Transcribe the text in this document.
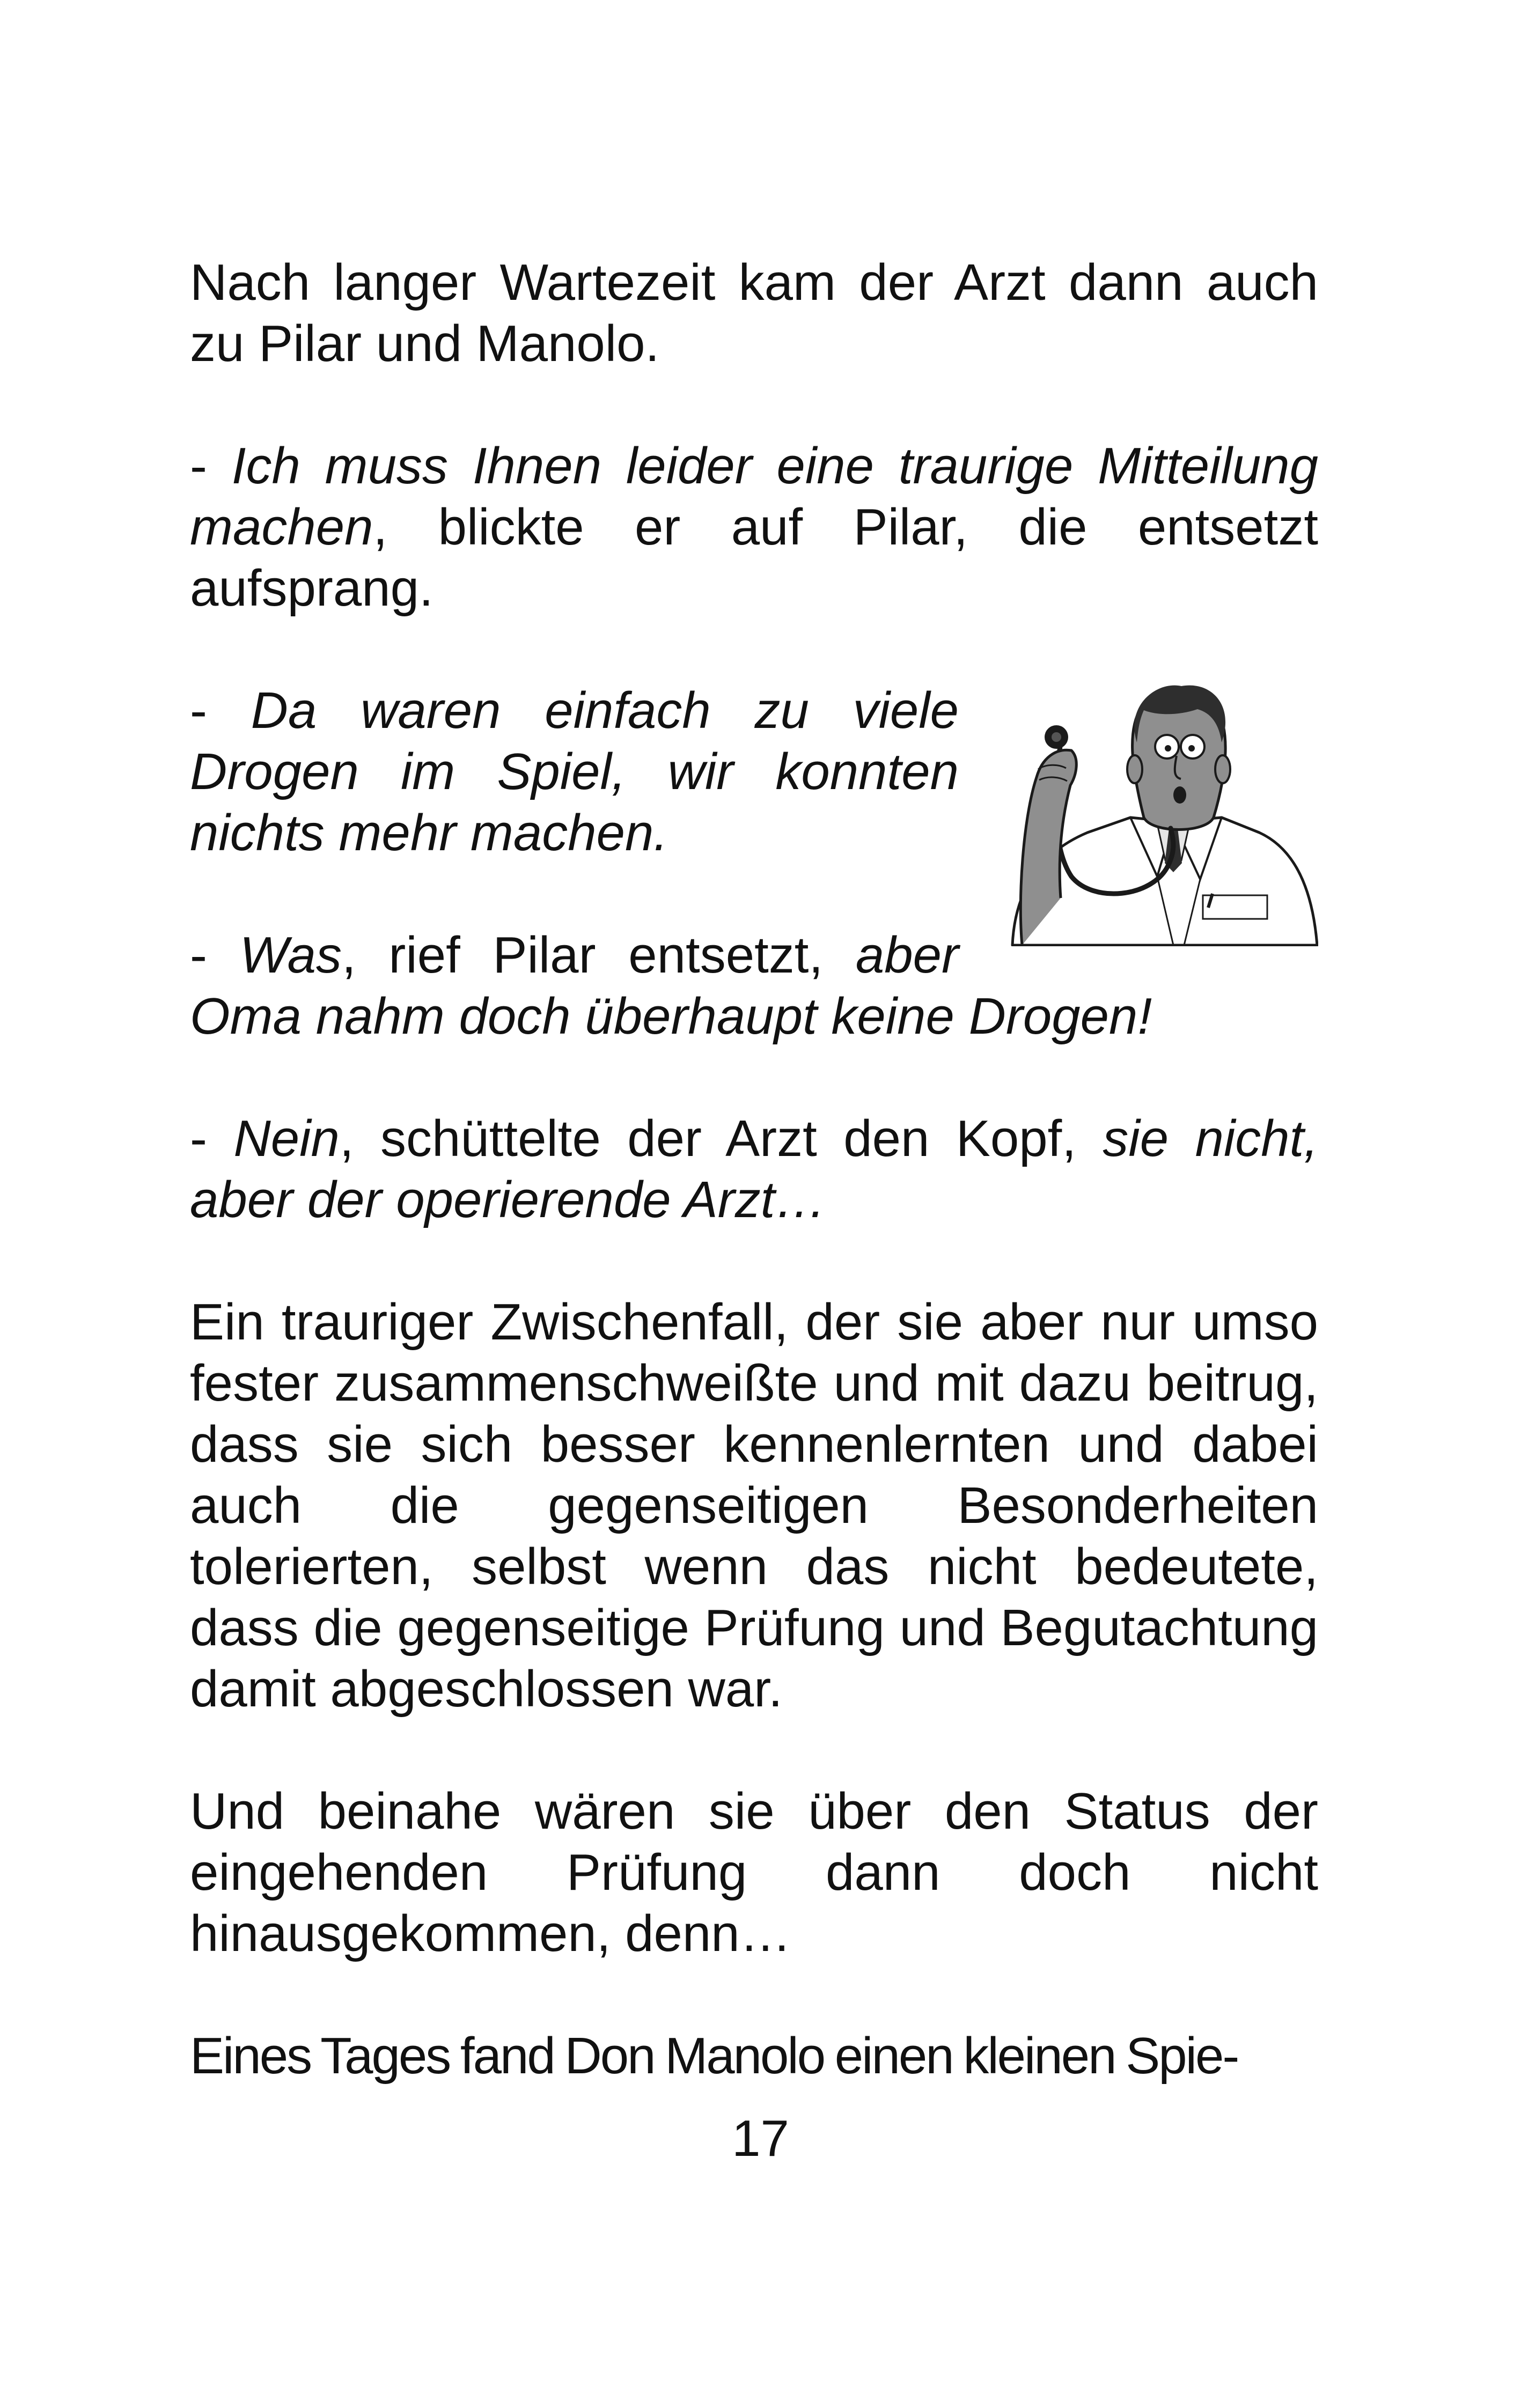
Nach langer Wartezeit kam der Arzt dann auch zu Pilar und Manolo.

- Ich muss Ihnen leider eine traurige Mitteilung machen, blickte er auf Pilar, die entsetzt aufsprang.

- Da waren einfach zu viele Drogen im Spiel, wir konnten nichts mehr machen.

- Was, rief Pilar entsetzt, aber Oma nahm doch überhaupt keine Drogen!

- Nein, schüttelte der Arzt den Kopf, sie nicht, aber der operierende Arzt…

Ein trauriger Zwischenfall, der sie aber nur umso fester zusammenschweißte und mit dazu beitrug, dass sie sich besser kennenlernten und dabei auch die gegenseitigen Besonderheiten tolerierten, selbst wenn das nicht bedeutete, dass die gegenseitige Prüfung und Begutachtung damit abgeschlossen war.

Und beinahe wären sie über den Status der eingehenden Prüfung dann doch nicht hinausgekommen, denn…

Eines Tages fand Don Manolo einen kleinen Spie-

17
